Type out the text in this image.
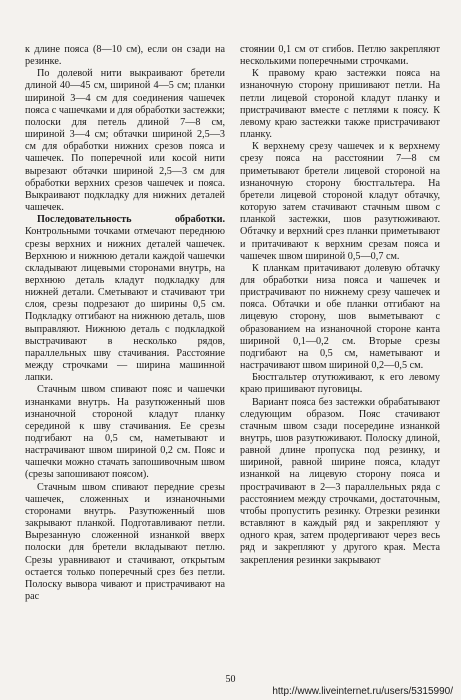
к длине пояса (8—10 см), если он сзади на резинке.

По долевой нити выкраивают бретели длиной 40—45 см, шириной 4—5 см; планки шириной 3—4 см для соединения чашечек пояса с чашечками и для обработки застежки; полоски для петель длиной 7—8 см, шириной 3—4 см; обтачки шириной 2,5—3 см для обработки нижних срезов пояса и чашечек. По поперечной или косой нити вырезают обтачки шириной 2,5—3 см для обработки верхних срезов чашечек и пояса. Выкраивают подкладку для нижних деталей чашечек.

Последовательность обработки. Контрольными точками отмечают переднюю срезы верхних и нижних деталей чашечек. Верхнюю и нижнюю детали каждой чашечки складывают лицевыми сторонами внутрь, на верхнюю деталь кладут подкладку для нижней детали. Сметывают и стачивают три слоя, срезы подрезают до ширины 0,5 см. Подкладку отгибают на нижнюю деталь, шов выправляют. Нижнюю деталь с подкладкой выстрачивают в несколько рядов, параллельных шву стачивания. Расстояние между строчками — ширина машинной лапки.

Стачным швом спивают пояс и чашечки изнанками внутрь. На разутюженный шов изнаночной стороной кладут планку серединой к шву стачивания. Ее срезы подгибают на 0,5 см, наметывают и настрачивают швом шириной 0,2 см. Пояс и чашечки можно стачать запошивочным швом (срезы запошивают поясом).

Стачным швом спивают передние срезы чашечек, сложенных и изнаночными сторонами внутрь. Разутюженный шов закрывают планкой. Подготавливают петли. Вырезанную сложенной изнанкой вверх полоски для бретели вкладывают петлю. Срезы уравнивают и стачивают, открытым остается только поперечный срез без петли. Полоску вывора чивают и пристрачивают на рас

стоянии 0,1 см от сгибов. Петлю закрепляют несколькими поперечными строчками.

К правому краю застежки пояса на изнаночную сторону пришивают петли. На петли лицевой стороной кладут планку и пристрачивают вместе с петлями к поясу. К левому краю застежки также пристрачивают планку.

К верхнему срезу чашечек и к верхнему срезу пояса на расстоянии 7—8 см приметывают бретели лицевой стороной на изнаночную сторону бюстгальтера. На бретели лицевой стороной кладут обтачку, которую затем стачивают стачным швом с планкой застежки, шов разутюживают. Обтачку и верхний срез планки приметывают и притачивают к верхним срезам пояса и чашечек швом шириной 0,5—0,7 см.

К планкам притачивают долевую обтачку для обработки низа пояса и чашечек и пристрачивают по нижнему срезу чашечек и пояса. Обтачки и обе планки отгибают на лицевую сторону, шов выметывают с образованием на изнаночной стороне канта шириной 0,1—0,2 см. Вторые срезы подгибают на 0,5 см, наметывают и настрачивают швом шириной 0,2—0,5 см.

Бюстгальтер отутюживают, к его левому краю пришивают пуговицы.

Вариант пояса без застежки обрабатывают следующим образом. Пояс стачивают стачным швом сзади посередине изнанкой внутрь, шов разутюживают. Полоску длиной, равной длине пропуска под резинку, и шириной, равной ширине пояса, кладут изнанкой на лицевую сторону пояса и прострачивают в 2—3 параллельных ряда с расстоянием между строчками, достаточным, чтобы пропустить резинку. Отрезки резинки вставляют в каждый ряд и закрепляют у одного края, затем продергивают через весь ряд и закрепляют у другого края. Места закрепления резинки закрывают

50
http://www.liveinternet.ru/users/5315990/
